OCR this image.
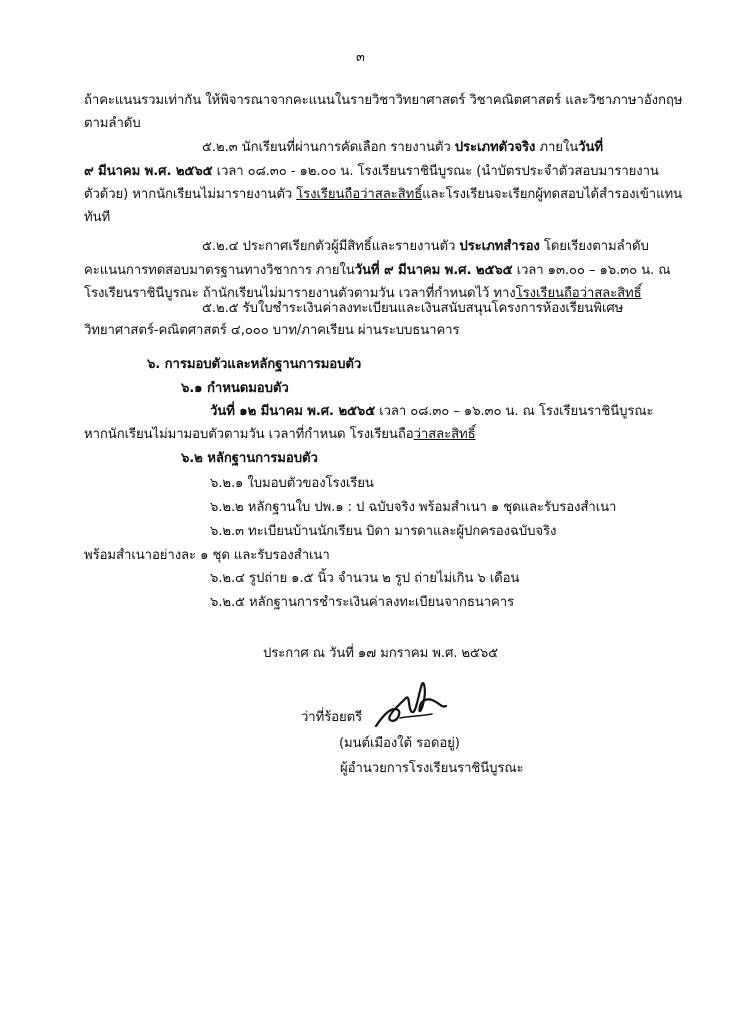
๓
ถ้าคะแนนรวมเท่ากัน ให้พิจารณาจากคะแนนในรายวิชาวิทยาศาสตร์ วิชาคณิตศาสตร์ และวิชาภาษาอังกฤษ
ตามลำดับ
๕.๒.๓ นักเรียนที่ผ่านการคัดเลือก รายงานตัว ประเภทตัวจริง ภายในวันที่
๙ มีนาคม พ.ศ. ๒๕๖๕ เวลา ๐๘.๓๐ - ๑๒.๐๐ น. โรงเรียนราชินีบูรณะ (นำบัตรประจำตัวสอบมารายงาน
ตัวด้วย) หากนักเรียนไม่มารายงานตัว โรงเรียนถือว่าสละสิทธิ์และโรงเรียนจะเรียกผู้ทดสอบได้สำรองเข้าแทน
ทันที
๕.๒.๔ ประกาศเรียกตัวผู้มีสิทธิ์และรายงานตัว ประเภทสำรอง โดยเรียงตามลำดับ
คะแนนการทดสอบมาตรฐานทางวิชาการ ภายในวันที่ ๙ มีนาคม พ.ศ. ๒๕๖๕ เวลา ๑๓.๐๐ – ๑๖.๓๐ น. ณ
โรงเรียนราชินีบูรณะ ถ้านักเรียนไม่มารายงานตัวตามวัน เวลาที่กำหนดไว้ ทางโรงเรียนถือว่าสละสิทธิ์
๕.๒.๕ รับใบชำระเงินค่าลงทะเบียนและเงินสนับสนุนโครงการห้องเรียนพิเศษ
วิทยาศาสตร์-คณิตศาสตร์ ๔,๐๐๐ บาท/ภาคเรียน ผ่านระบบธนาคาร
๖. การมอบตัวและหลักฐานการมอบตัว
๖.๑ กำหนดมอบตัว
วันที่ ๑๒ มีนาคม พ.ศ. ๒๕๖๕ เวลา ๐๘.๓๐ – ๑๖.๓๐ น. ณ โรงเรียนราชินีบูรณะ
หากนักเรียนไม่มามอบตัวตามวัน เวลาที่กำหนด โรงเรียนถือว่าสละสิทธิ์
๖.๒ หลักฐานการมอบตัว
๖.๒.๑ ใบมอบตัวของโรงเรียน
๖.๒.๒ หลักฐานใบ ปพ.๑ : ป ฉบับจริง พร้อมสำเนา ๑ ชุดและรับรองสำเนา
๖.๒.๓ ทะเบียนบ้านนักเรียน บิดา มารดาและผู้ปกครองฉบับจริง
พร้อมสำเนาอย่างละ ๑ ชุด และรับรองสำเนา
๖.๒.๔ รูปถ่าย ๑.๕ นิ้ว จำนวน ๒ รูป ถ่ายไม่เกิน ๖ เดือน
๖.๒.๕ หลักฐานการชำระเงินค่าลงทะเบียนจากธนาคาร
ประกาศ ณ วันที่ ๑๗ มกราคม พ.ศ. ๒๕๖๕
ว่าที่ร้อยตรี
(มนต์เมืองใต้ รอดอยู่)
ผู้อำนวยการโรงเรียนราชินีบูรณะ
